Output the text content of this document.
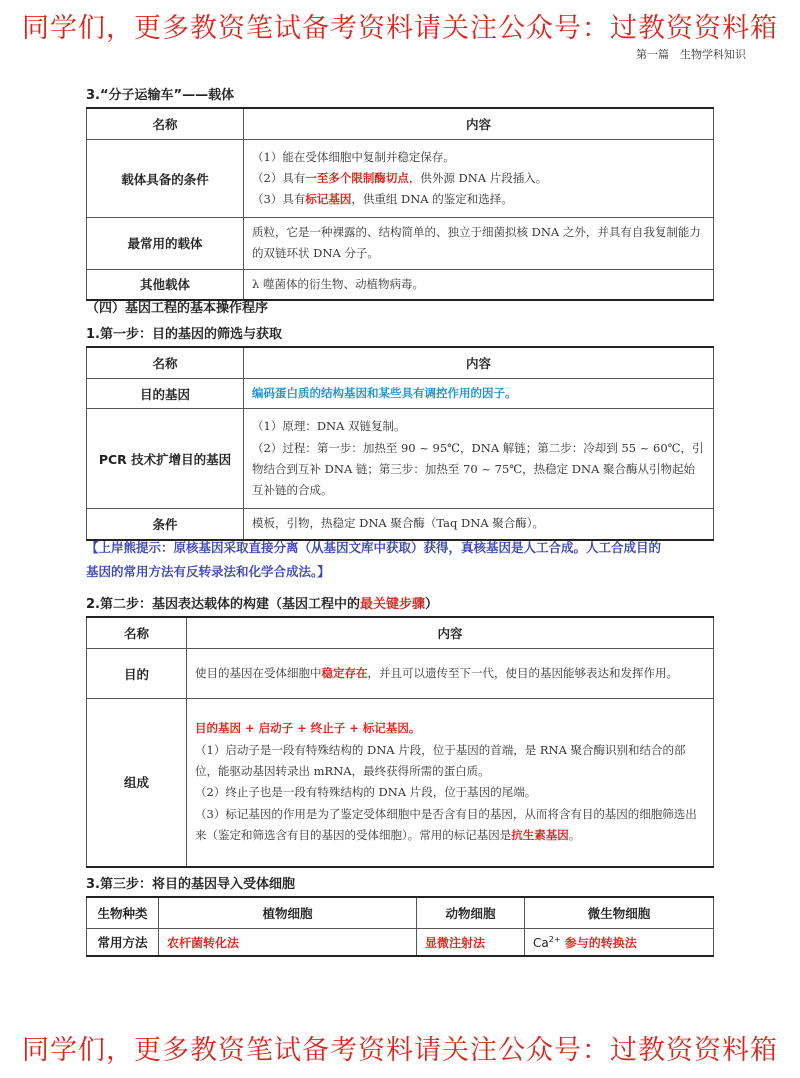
同学们，更多教资笔试备考资料请关注公众号：过教资资料箱
第一篇　生物学科知识
3.“分子运输车”——载体
名称	内容
载体具备的条件	（1）能在受体细胞中复制并稳定保存。
（2）具有一至多个限制酶切点，供外源 DNA 片段插入。
（3）具有标记基因，供重组 DNA 的鉴定和选择。

最常用的载体	质粒，它是一种裸露的、结构简单的、独立于细菌拟核 DNA 之外，并具有自我复制能力的双链环状 DNA 分子。
其他载体	λ 噬菌体的衍生物、动植物病毒。
（四）基因工程的基本操作程序
1.第一步：目的基因的筛选与获取
名称	内容
目的基因	编码蛋白质的结构基因和某些具有调控作用的因子。
PCR 技术扩增目的基因	（1）原理：DNA 双链复制。
（2）过程：第一步：加热至 90 ~ 95℃，DNA 解链；第二步：冷却到 55 ~ 60℃，引物结合到互补 DNA 链；第三步：加热至 70 ~ 75℃，热稳定 DNA 聚合酶从引物起始互补链的合成。

条件	模板，引物，热稳定 DNA 聚合酶（Taq DNA 聚合酶）。
【上岸熊提示：原核基因采取直接分离（从基因文库中获取）获得，真核基因是人工合成。人工合成目的
基因的常用方法有反转录法和化学合成法。】
2.第二步：基因表达载体的构建（基因工程中的最关键步骤）
名称	内容
目的	使目的基因在受体细胞中稳定存在，并且可以遗传至下一代，使目的基因能够表达和发挥作用。
组成	目的基因 + 启动子 + 终止子 + 标记基因。
（1）启动子是一段有特殊结构的 DNA 片段，位于基因的首端，是 RNA 聚合酶识别和结合的部位，能驱动基因转录出 mRNA，最终获得所需的蛋白质。
（2）终止子也是一段有特殊结构的 DNA 片段，位于基因的尾端。
（3）标记基因的作用是为了鉴定受体细胞中是否含有目的基因，从而将含有目的基因的细胞筛选出来（鉴定和筛选含有目的基因的受体细胞）。常用的标记基因是抗生素基因。
3.第三步：将目的基因导入受体细胞
生物种类	植物细胞	动物细胞	微生物细胞
常用方法	农杆菌转化法	显微注射法	$Ca^{2+}$ 参与的转换法
同学们，更多教资笔试备考资料请关注公众号：过教资资料箱
